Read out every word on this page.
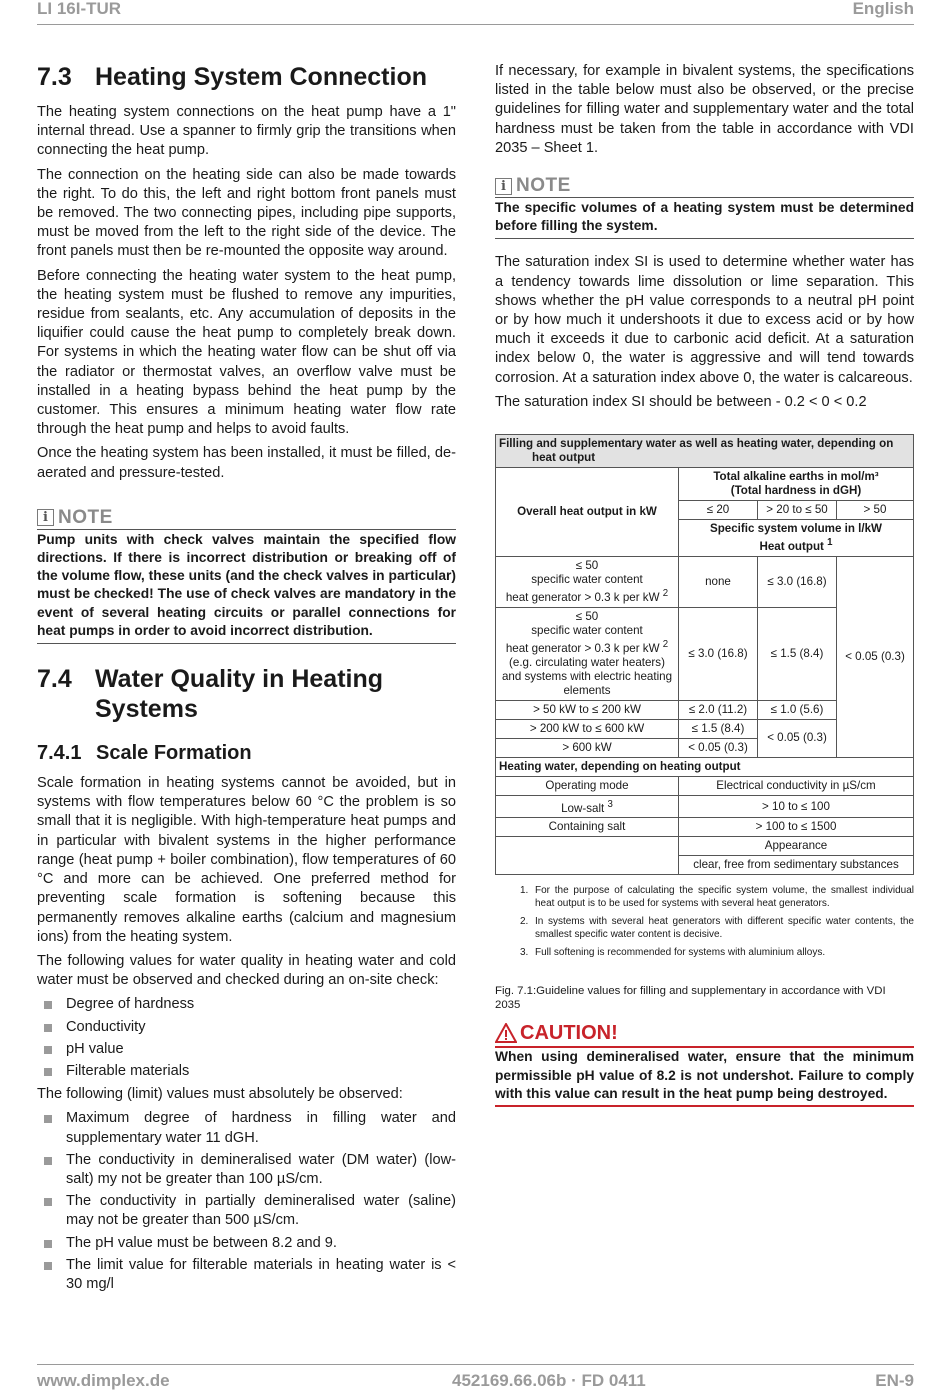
LI 16I-TUR	English
7.3 Heating System Connection

The heating system connections on the heat pump have a 1" internal thread. Use a spanner to firmly grip the transitions when connecting the heat pump.

The connection on the heating side can also be made towards the right. To do this, the left and right bottom front panels must be removed. The two connecting pipes, including pipe supports, must be moved from the left to the right side of the device. The front panels must then be re-mounted the opposite way around.

Before connecting the heating water system to the heat pump, the heating system must be flushed to remove any impurities, residue from sealants, etc. Any accumulation of deposits in the liquifier could cause the heat pump to completely break down. For systems in which the heating water flow can be shut off via the radiator or thermostat valves, an overflow valve must be installed in a heating bypass behind the heat pump by the customer. This ensures a minimum heating water flow rate through the heat pump and helps to avoid faults.

Once the heating system has been installed, it must be filled, de-aerated and pressure-tested.

i NOTE
Pump units with check valves maintain the specified flow directions. If there is incorrect distribution or breaking off of the volume flow, these units (and the check valves in particular) must be checked! The use of check valves are mandatory in the event of several heating circuits or parallel connections for heat pumps in order to avoid incorrect distribution.
7.4 Water Quality in Heating
Systems
7.4.1 Scale Formation

Scale formation in heating systems cannot be avoided, but in systems with flow temperatures below 60 °C the problem is so small that it is negligible. With high-temperature heat pumps and in particular with bivalent systems in the higher performance range (heat pump + boiler combination), flow temperatures of 60 °C and more can be achieved. One preferred method for preventing scale formation is softening because this permanently removes alkaline earths (calcium and magnesium ions) from the heating system.

The following values for water quality in heating water and cold water must be observed and checked during an on-site check:

Degree of hardness
Conductivity
pH value
Filterable materials

The following (limit) values must absolutely be observed:

Maximum degree of hardness in filling water and supplementary water 11 dGH.
The conductivity in demineralised water (DM water) (low-salt) my not be greater than 100 µS/cm.
The conductivity in partially demineralised water (saline) may not be greater than 500 µS/cm.
The pH value must be between 8.2 and 9.
The limit value for filterable materials in heating water is < 30 mg/l

If necessary, for example in bivalent systems, the specifications listed in the table below must also be observed, or the precise guidelines for filling water and supplementary water and the total hardness must be taken from the table in accordance with VDI 2035 – Sheet 1.

i NOTE
The specific volumes of a heating system must be determined before filling the system.

The saturation index SI is used to determine whether water has a tendency towards lime dissolution or lime separation. This shows whether the pH value corresponds to a neutral pH point or by how much it undershoots it due to excess acid or by how much it exceeds it due to carbonic acid deficit. At a saturation index below 0, the water is aggressive and will tend towards corrosion. At a saturation index above 0, the water is calcareous.

The saturation index SI should be between - 0.2 < 0 < 0.2

Filling and supplementary water as well as heating water, depending on
heat output			
Overall heat output in kW	Total alkaline earths in mol/m³
(Total hardness in dGH)		
	≤ 20	> 20 to ≤ 50	> 50
	Specific system volume in l/kW
Heat output $^1$
≤ 50
specific water content
heat generator > 0.3 k per kW $^2$	none	≤ 3.0 (16.8)	< 0.05 (0.3)
≤ 50
specific water content
heat generator > 0.3 k per kW $^2$
(e.g. circulating water heaters) and systems with electric heating elements	≤ 3.0 (16.8)	≤ 1.5 (8.4)	
> 50 kW to ≤ 200 kW	≤ 2.0 (11.2)	≤ 1.0 (5.6)	
> 200 kW to ≤ 600 kW	≤ 1.5 (8.4)	< 0.05 (0.3)	
> 600 kW	< 0.05 (0.3)		
Heating water, depending on heating output			
Operating mode	Electrical conductivity in µS/cm		
Low-salt $^3$	> 10 to ≤ 100		
Containing salt	> 100 to ≤ 1500		
	Appearance		
	clear, free from sedimentary substances		
1. For the purpose of calculating the specific system volume, the smallest individual heat output is to be used for systems with several heat generators.
2. In systems with several heat generators with different specific water contents, the smallest specific water content is decisive.
3. Full softening is recommended for systems with aluminium alloys.
Fig. 7.1:Guideline values for filling and supplementary in accordance with VDI 2035
CAUTION!
When using demineralised water, ensure that the minimum permissible pH value of 8.2 is not undershot. Failure to comply with this value can result in the heat pump being destroyed.
www.dimplex.de	452169.66.06b · FD 0411	EN-9
